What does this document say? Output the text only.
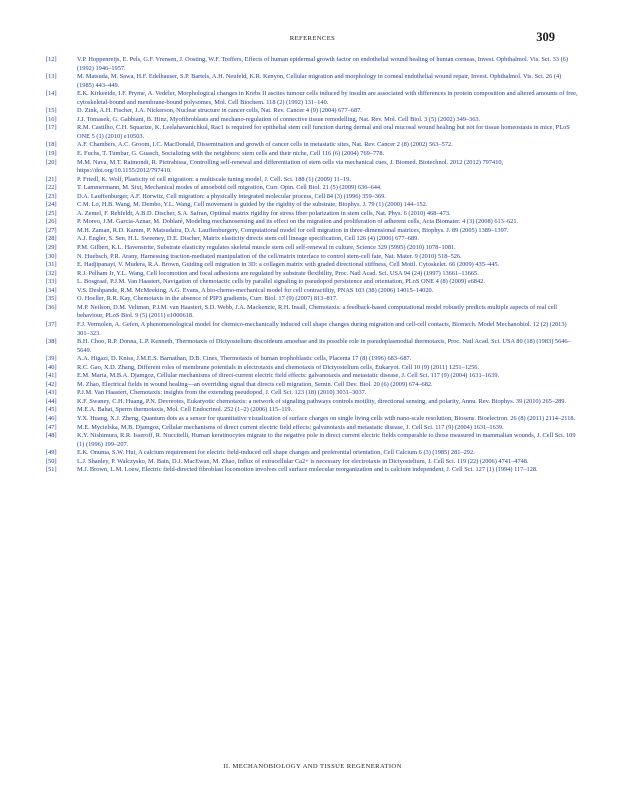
REFERENCES	309
[12]	V.P. Hoppenreijs, E. Pels, G.F. Vrensen, J. Oosting, W.F. Treffers, Effects of human epidermal growth factor on endothelial wound healing of human corneas, Invest. Ophthalmol. Vis. Sci. 33 (6) (1992) 1946–1957.
[13]	M. Matsuda, M. Sawa, H.F. Edelhauser, S.P. Bartels, A.H. Neufeld, K.R. Kenyon, Cellular migration and morphology in corneal endothelial wound repair, Invest. Ophthalmol. Vis. Sci. 26 (4) (1985) 443–449.
[14]	E.K. Kirkeeide, I.F. Pryme, A. Vedeler, Morphological changes in Krebs II ascites tumour cells induced by insulin are associated with differences in protein composition and altered amounts of free, cytoskeletal-bound and membrane-bound polysomes, Mol. Cell Biochem. 118 (2) (1992) 131–140.
[15]	D. Zink, A.H. Fischer, J.A. Nickerson, Nuclear structure in cancer cells, Nat. Rev. Cancer 4 (9) (2004) 677–687.
[16]	J.J. Tomasek, G. Gabbiani, B. Hinz, Myofibroblasts and mechano-regulation of connective tissue remodelling, Nat. Rev. Mol. Cell Biol. 3 (5) (2002) 349–363.
[17]	R.M. Castilho, C.H. Squarize, K. Leelahavanichkul, Rac1 is required for epithelial stem cell function during dermal and oral mucosal wound healing but not for tissue homeostasis in mice, PLoS ONE 5 (1) (2010) e10503.
[18]	A.F. Chambers, A.C. Groom, I.C. MacDonald, Dissemination and growth of cancer cells in metastatic sites, Nat. Rev. Cancer 2 (8) (2002) 563–572.
[19]	E. Fuchs, T. Tumbar, G. Guasch, Socializing with the neighbors: stem cells and their niche, Cell 116 (6) (2004) 769–778.
[20]	M.M. Nava, M.T. Raimondi, R. Pietrabissa, Controlling self-renewal and differentiation of stem cells via mechanical cues, J. Biomed. Biotechnol. 2012 (2012) 797410, https://doi.org/10.1155/2012/797410.
[21]	P. Friedl, K. Wolf, Plasticity of cell migration: a multiscale tuning model, J. Cell. Sci. 188 (1) (2009) 11–19.
[22]	T. Lammermann, M. Sixt, Mechanical modes of amoeboid cell migration, Curr. Opin. Cell Biol. 21 (5) (2009) 636–644.
[23]	D.A. Lauffenburger, A.F. Horwitz, Cell migration: a physically integrated molecular process, Cell 84 (3) (1996) 359–369.
[24]	C.M. Lo, H.B. Wang, M. Dembo, Y.L. Wang, Cell movement is guided by the rigidity of the substrate, Biophys. J. 79 (1) (2000) 144–152.
[25]	A. Zemel, F. Rehfeldt, A.B.D. Discher, S.A. Safran, Optimal matrix rigidity for stress fiber polarization in stem cells, Nat. Phys. 6 (2010) 468–473.
[26]	P. Moreo, J.M. Garcia-Aznar, M. Doblaré, Modeling mechanosensing and its effect on the migration and proliferation of adherent cells, Acta Biomater. 4 (3) (2008) 613–621.
[27]	M.H. Zaman, R.D. Kamm, P. Matsudaira, D.A. Lauffenburgery, Computational model for cell migration in three-dimensional matrices, Biophys. J. 89 (2005) 1389–1397.
[28]	A.J. Engler, S. Sen, H.L. Sweeney, D.E. Discher, Matrix elasticity directs stem cell lineage specification, Cell 126 (4) (2006) 677–689.
[29]	P.M. Gilbert, K.L. Havenstrite, Substrate elasticity regulates skeletal muscle stem cell self-renewal in culture, Science 329 (5995) (2010) 1078–1081.
[30]	N. Huebsch, P.R. Arany, Harnessing traction-mediated manipulation of the cell/matrix interface to control stem-cell fate, Nat. Mater. 9 (2010) 518–526.
[31]	E. Hadjipanayi, V. Mudera, R.A. Brown, Guiding cell migration in 3D: a collagen matrix with graded directional stiffness, Cell Motil. Cytoskelet. 66 (2009) 435–445.
[32]	R.J. Pelham Jr, Y.L. Wang, Cell locomotion and focal adhesions are regulated by substrate flexibility, Proc. Natl Acad. Sci. USA 94 (24) (1997) 13661–13665.
[33]	L. Bosgraaf, P.J.M. Van Haastert, Navigation of chemotactic cells by parallel signaling to pseudopod persistence and orientation, PLoS ONE 4 (8) (2009) e6842.
[34]	V.S. Deshpande, R.M. McMeeking, A.G. Evans, A bio-chemo-mechanical model for cell contractility, PNAS 103 (38) (2006) 14015–14020.
[35]	O. Hoeller, R.R. Kay, Chemotaxis in the absence of PIP3 gradients, Curr. Biol. 17 (9) (2007) 813–817.
[36]	M.P. Neilson, D.M. Veltman, P.J.M. van Haastert, S.D. Webb, J.A. Mackenzie, R.H. Insall, Chemotaxis: a feedback-based computational model robustly predicts multiple aspects of real cell behaviour, PLoS Biol. 9 (5) (2011) e1000618.
[37]	F.J. Vermolen, A. Gefen, A phenomenological model for chemico-mechanically induced cell shape changes during migration and cell-cell contacts, Biomech. Model Mechanobiol. 12 (2) (2013) 301–323.
[38]	B.H. Choo, R.P. Donna, L.P. Kenneth, Thermotaxis of Dictyostelium discoideum amoebae and its possible role in pseudoplasmodial thermotaxis, Proc. Natl Acad. Sci. USA 80 (18) (1983) 5646–5649.
[39]	A.A. Higazi, D. Kniss, J.M.E.S. Barnathan, D.B. Cines, Thermotaxis of human trophoblastic cells, Placenta 17 (8) (1996) 683–687.
[40]	R.C. Gao, X.D. Zhang, Different roles of membrane potentials in electrotaxis and chemotaxis of Dictyostelium cells, Eukaryot. Cell 10 (9) (2011) 1251–1256.
[41]	E.M. Maria, M.B.A. Djamgoz, Cellular mechanisms of direct-current electric field effects: galvanotaxis and metastatic disease, J. Cell Sci. 117 (9) (2004) 1631–1639.
[42]	M. Zhao, Electrical fields in wound healing—an overriding signal that directs cell migration, Semin. Cell Dev. Biol. 20 (6) (2009) 674–682.
[43]	P.J.M. Van Haastert, Chemotaxis: insights from the extending pseudopod, J. Cell Sci. 123 (18) (2010) 3031–3037.
[44]	K.F. Swaney, C.H. Huang, P.N. Devreotes, Eukaryotic chemotaxis: a network of signaling pathways controls motility, directional sensing, and polarity, Annu. Rev. Biophys. 39 (2010) 265–289.
[45]	M.E.A. Bahat, Sperm thermotaxis, Mol. Cell Endocrinol. 252 (1–2) (2006) 115–119.
[46]	Y.X. Huang, X.J. Zheng, Quantum dots as a sensor for quantitative visualization of surface charges on single living cells with nano-scale resolution, Biosens. Bioelectron. 26 (8) (2011) 2114–2118.
[47]	M.E. Mycielska, M.B. Djamgoz, Cellular mechanisms of direct current electric field effects: galvanotaxis and metastatic disease, J. Cell Sci. 117 (9) (2004) 1631–1639.
[48]	K.Y. Nishimura, R.R. Isseroff, R. Nuccitelli, Human keratinocytes migrate to the negative pole in direct current electric fields comparable to those measured in mammalian wounds, J. Cell Sci. 109 (1) (1996) 199–207.
[49]	E.K. Onuma, S.W. Hui, A calcium requirement for electric field-induced cell shape changes and preferential orientation, Cell Calcium 6 (3) (1985) 281–292.
[50]	L.J. Shanley, P. Walczysko, M. Bain, D.J. MacEwan, M. Zhao, Influx of extracellular Ca2+ is necessary for electrotaxis in Dictyostelium, J. Cell Sci. 119 (22) (2006) 4741–4748.
[51]	M.J. Brown, L.M. Loew, Electric field-directed fibroblast locomotion involves cell surface molecular reorganization and is calcium independent, J. Cell Sci. 127 (1) (1994) 117–128.
II. MECHANOBIOLOGY AND TISSUE REGENERATION
